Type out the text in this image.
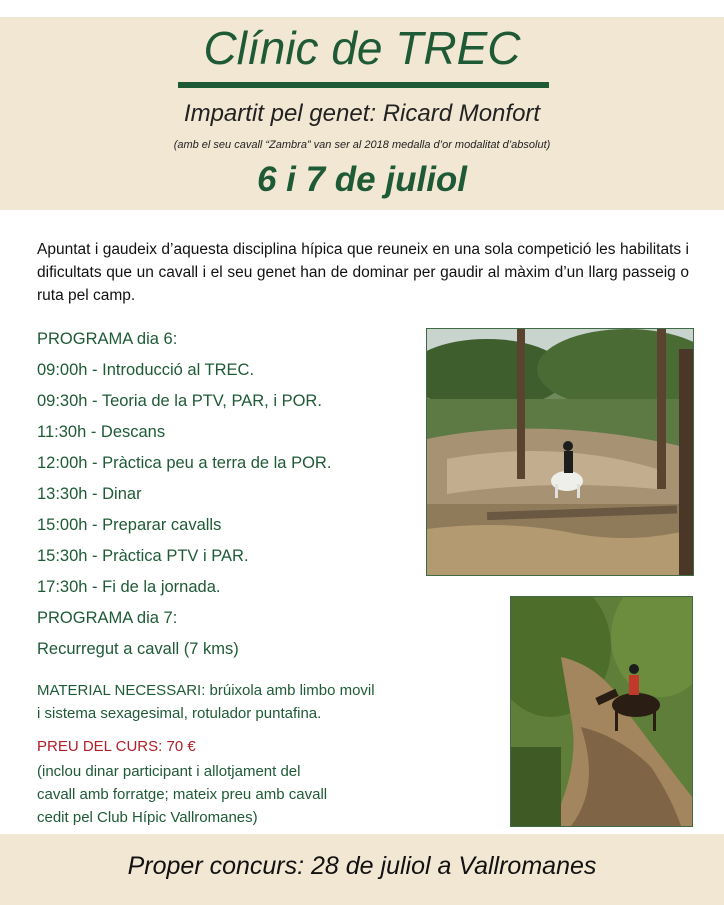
Clínic de TREC
Impartit pel genet: Ricard Monfort
(amb el seu cavall “Zambra” van ser al 2018 medalla d’or modalitat d’absolut)
6 i 7 de juliol
Apuntat i gaudeix d’aquesta disciplina hípica que reuneix en una sola competició les habilitats i dificultats que un cavall i el seu genet han de dominar per gaudir al màxim d’un llarg passeig o ruta pel camp.
PROGRAMA dia 6:
09:00h - Introducció al TREC.
09:30h - Teoria de la PTV, PAR, i POR.
11:30h - Descans
12:00h - Pràctica peu a terra de la POR.
13:30h - Dinar
15:00h - Preparar cavalls
15:30h - Pràctica PTV i PAR.
17:30h - Fi de la jornada.
PROGRAMA dia 7:
Recurregut a cavall (7 kms)
MATERIAL NECESSARI: brúixola amb limbo movil
i sistema sexagesimal, rotulador puntafina.
PREU DEL CURS: 70 €
(inclou dinar participant i allotjament del
cavall amb forratge; mateix preu amb cavall
cedit pel Club Hípic Vallromanes)
Proper concurs: 28 de juliol a Vallromanes
